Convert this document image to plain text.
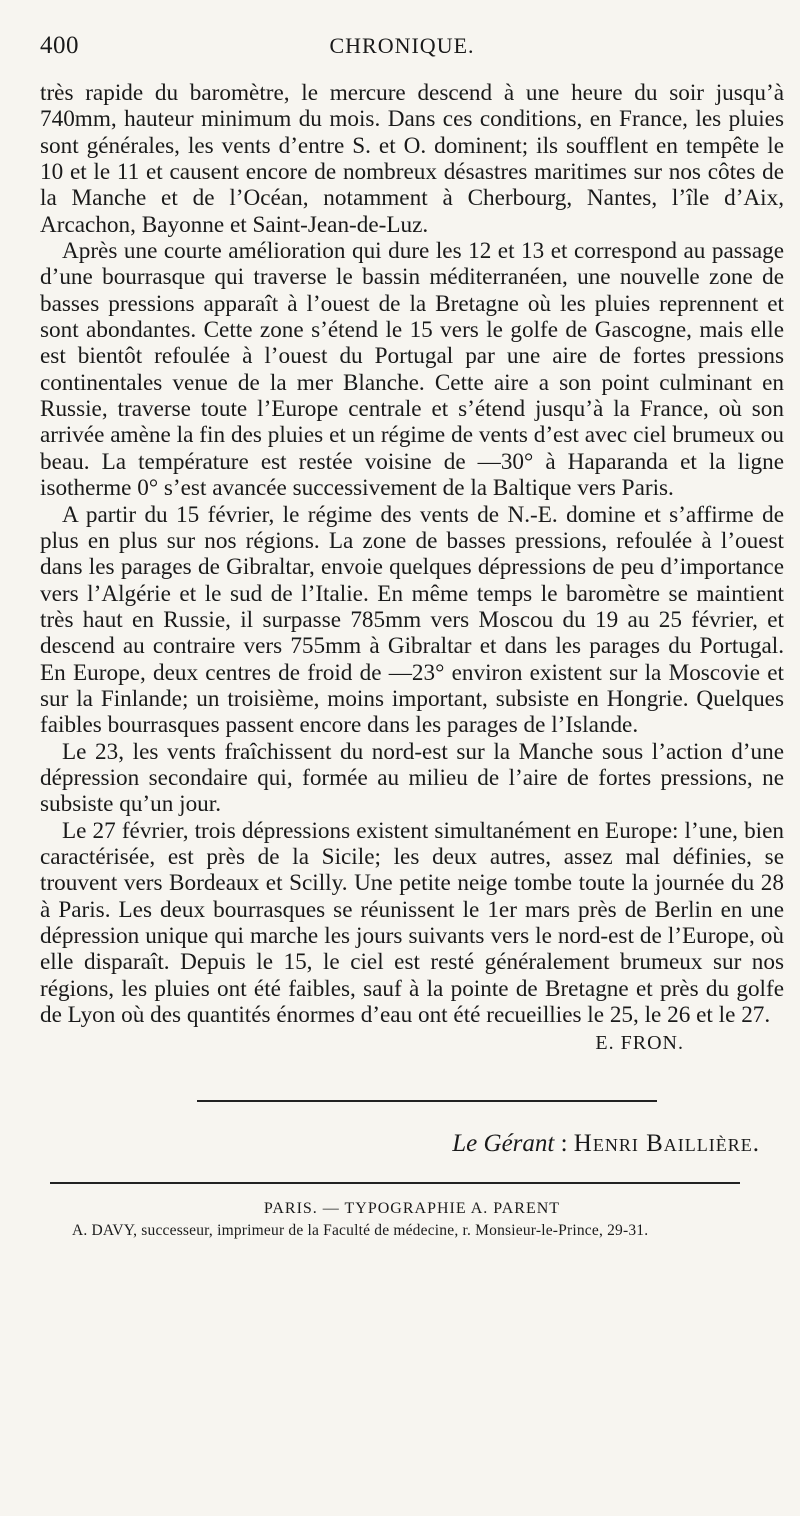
400	CHRONIQUE.

très rapide du baromètre, le mercure descend à une heure du soir jusqu’à 740mm, hauteur minimum du mois. Dans ces conditions, en France, les pluies sont générales, les vents d’entre S. et O. dominent; ils soufflent en tempête le 10 et le 11 et causent encore de nombreux désastres maritimes sur nos côtes de la Manche et de l’Océan, notamment à Cherbourg, Nantes, l’île d’Aix, Arcachon, Bayonne et Saint-Jean-de-Luz.

Après une courte amélioration qui dure les 12 et 13 et correspond au passage d’une bourrasque qui traverse le bassin méditerranéen, une nouvelle zone de basses pressions apparaît à l’ouest de la Bretagne où les pluies reprennent et sont abondantes. Cette zone s’étend le 15 vers le golfe de Gascogne, mais elle est bientôt refoulée à l’ouest du Portugal par une aire de fortes pressions continentales venue de la mer Blanche. Cette aire a son point culminant en Russie, traverse toute l’Europe centrale et s’étend jusqu’à la France, où son arrivée amène la fin des pluies et un régime de vents d’est avec ciel brumeux ou beau. La température est restée voisine de —30° à Haparanda et la ligne isotherme 0° s’est avancée successivement de la Baltique vers Paris.

A partir du 15 février, le régime des vents de N.-E. domine et s’affirme de plus en plus sur nos régions. La zone de basses pressions, refoulée à l’ouest dans les parages de Gibraltar, envoie quelques dépressions de peu d’importance vers l’Algérie et le sud de l’Italie. En même temps le baromètre se maintient très haut en Russie, il surpasse 785mm vers Moscou du 19 au 25 février, et descend au contraire vers 755mm à Gibraltar et dans les parages du Portugal. En Europe, deux centres de froid de —23° environ existent sur la Moscovie et sur la Finlande; un troisième, moins important, subsiste en Hongrie. Quelques faibles bourrasques passent encore dans les parages de l’Islande.

Le 23, les vents fraîchissent du nord-est sur la Manche sous l’action d’une dépression secondaire qui, formée au milieu de l’aire de fortes pressions, ne subsiste qu’un jour.

Le 27 février, trois dépressions existent simultanément en Europe: l’une, bien caractérisée, est près de la Sicile; les deux autres, assez mal définies, se trouvent vers Bordeaux et Scilly. Une petite neige tombe toute la journée du 28 à Paris. Les deux bourrasques se réunissent le 1er mars près de Berlin en une dépression unique qui marche les jours suivants vers le nord-est de l’Europe, où elle disparaît. Depuis le 15, le ciel est resté généralement brumeux sur nos régions, les pluies ont été faibles, sauf à la pointe de Bretagne et près du golfe de Lyon où des quantités énormes d’eau ont été recueillies le 25, le 26 et le 27.

E. FRON.
Le Gérant : Henri Baillière.
PARIS. — TYPOGRAPHIE A. PARENT
A. DAVY, successeur, imprimeur de la Faculté de médecine, r. Monsieur-le-Prince, 29-31.
